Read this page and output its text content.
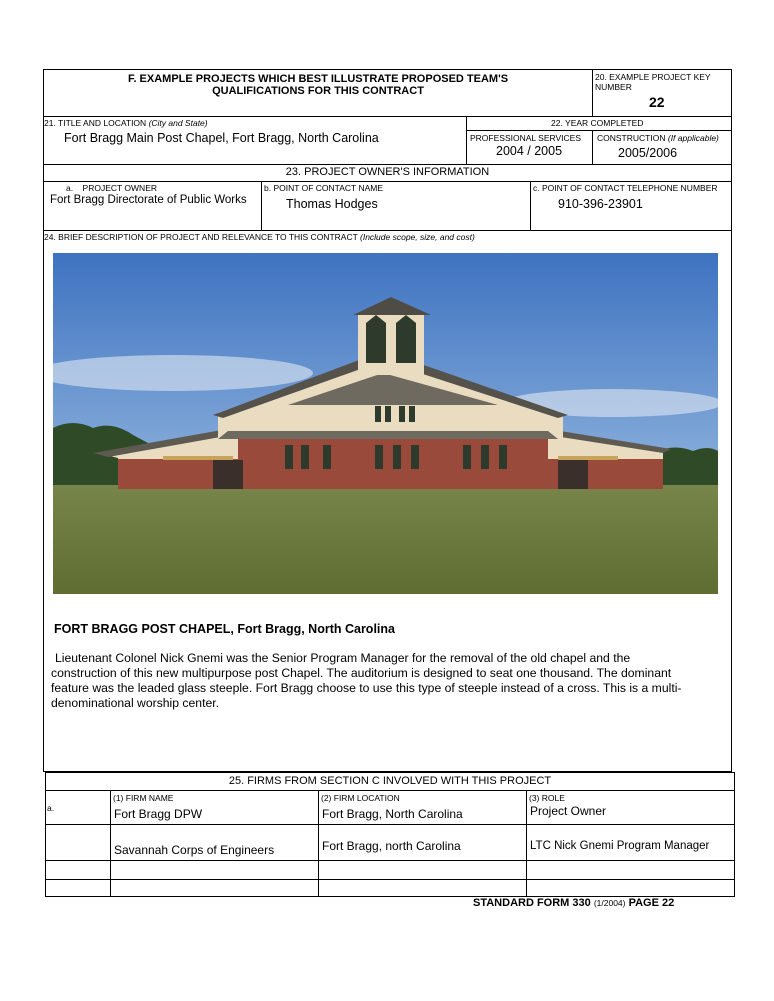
F. EXAMPLE PROJECTS WHICH BEST ILLUSTRATE PROPOSED TEAM'S
QUALIFICATIONS FOR THIS CONTRACT
20. EXAMPLE PROJECT KEY NUMBER
22
21. TITLE AND LOCATION (City and State)
Fort Bragg Main Post Chapel, Fort Bragg, North Carolina
22. YEAR COMPLETED
PROFESSIONAL SERVICES
2004 / 2005
CONSTRUCTION (If applicable)
2005/2006
23. PROJECT OWNER'S INFORMATION
a. PROJECT OWNER
Fort Bragg Directorate of Public Works
b. POINT OF CONTACT NAME
Thomas Hodges
c. POINT OF CONTACT TELEPHONE NUMBER
910-396-23901
24. BRIEF DESCRIPTION OF PROJECT AND RELEVANCE TO THIS CONTRACT (Include scope, size, and cost)
FORT BRAGG POST CHAPEL, Fort Bragg, North Carolina
Lieutenant Colonel Nick Gnemi was the Senior Program Manager for the removal of the old chapel and the
construction of this new multipurpose post Chapel. The auditorium is designed to seat one thousand. The dominant
feature was the leaded glass steeple. Fort Bragg choose to use this type of steeple instead of a cross. This is a multi-
denominational worship center.
25. FIRMS FROM SECTION C INVOLVED WITH THIS PROJECT
a.
(1) FIRM NAME	(2) FIRM LOCATION	(3) ROLE
Fort Bragg DPW	Fort Bragg, North Carolina	Project Owner
Savannah Corps of Engineers	Fort Bragg, north Carolina	LTC Nick Gnemi Program Manager
STANDARD FORM 330 (1/2004) PAGE 22
